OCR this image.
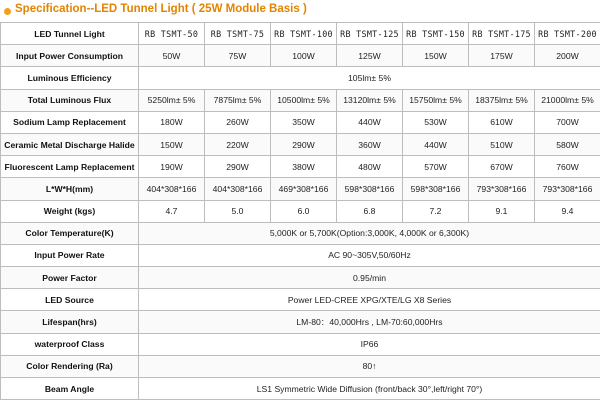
Specification--LED Tunnel Light ( 25W Module Basis )
LED Tunnel Light	RB TSMT-50	RB TSMT-75	RB TSMT-100	RB TSMT-125	RB TSMT-150	RB TSMT-175	RB TSMT-200
Input Power Consumption	50W	75W	100W	125W	150W	175W	200W
Luminous Efficiency	105lm± 5%						
Total Luminous Flux	5250lm± 5%	7875lm± 5%	10500lm± 5%	13120lm± 5%	15750lm± 5%	18375lm± 5%	21000lm± 5%
Sodium Lamp Replacement	180W	260W	350W	440W	530W	610W	700W
Ceramic Metal Discharge Halide	150W	220W	290W	360W	440W	510W	580W
Fluorescent Lamp Replacement	190W	290W	380W	480W	570W	670W	760W
L*W*H(mm)	404*308*166	404*308*166	469*308*166	598*308*166	598*308*166	793*308*166	793*308*166
Weight (kgs)	4.7	5.0	6.0	6.8	7.2	9.1	9.4
Color Temperature(K)	5,000K or 5,700K(Option:3,000K, 4,000K or 6,300K)						
Input Power Rate	AC 90~305V,50/60Hz						
Power Factor	0.95/min						
LED Source	Power LED-CREE XPG/XTE/LG X8 Series						
Lifespan(hrs)	LM-80：40,000Hrs , LM-70:60,000Hrs						
waterproof Class	IP66						
Color Rendering (Ra)	80↑						
Beam Angle	LS1 Symmetric Wide Diffusion (front/back 30°,left/right 70°)						
